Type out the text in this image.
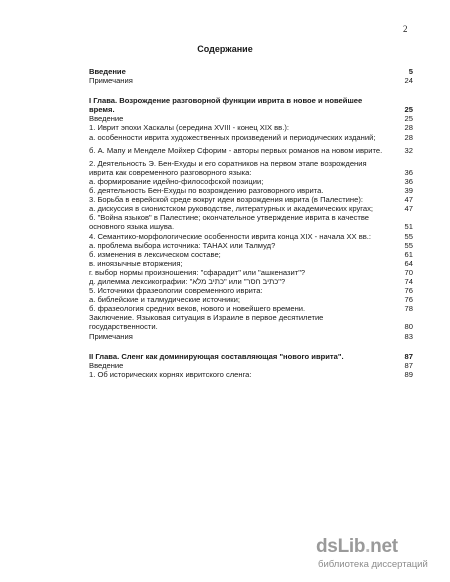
2
Содержание
Введение	5
Примечания	24
I Глава. Возрождение разговорной функции иврита в новое и новейшее время.	25
Введение	25
1. Иврит эпохи Хаскалы (середина XVIII - конец XIX вв.):	28
а. особенности иврита художественных произведений и периодических изданий;	28
б. А. Мапу и Менделе Мойхер Сфорим - авторы первых романов на новом иврите.	32
2. Деятельность Э. Бен-Ехуды и его соратников на первом этапе возрождения иврита как современного разговорного языка:	36
а. формирование идейно-философской позиции;	36
б. деятельность Бен-Ехуды по возрождению разговорного иврита.	39
3. Борьба в еврейской среде вокруг идеи возрождения иврита (в Палестине):	47
а. дискуссия в сионистском руководстве, литературных и академических кругах;	47
б. "Война языков" в Палестине; окончательное утверждение иврита в качестве основного языка ишува.	51
4. Семантико-морфологические особенности иврита конца XIX - начала XX вв.:	55
а. проблема выбора источника: ТАНАХ или Талмуд?	55
б. изменения в лексическом составе;	61
в. иноязычные вторжения;	64
г. выбор нормы произношения: "сфарадит" или "ашкеназит"?	70
д. дилемма лексикографии: "כתיב מלא" или "כתיב חסר"?	74
5. Источники фразеологии современного иврита:	76
а. библейские и талмудические источники;	76
б. фразеология средних веков, нового и новейшего времени.	78
Заключение. Языковая ситуация в Израиле в первое десятилетие государственности.	80
Примечания	83
II Глава. Сленг как доминирующая составляющая "нового иврита".	87
Введение	87
1. Об исторических корнях ивритского сленга:	89
dsLib.net
библиотека диссертаций
